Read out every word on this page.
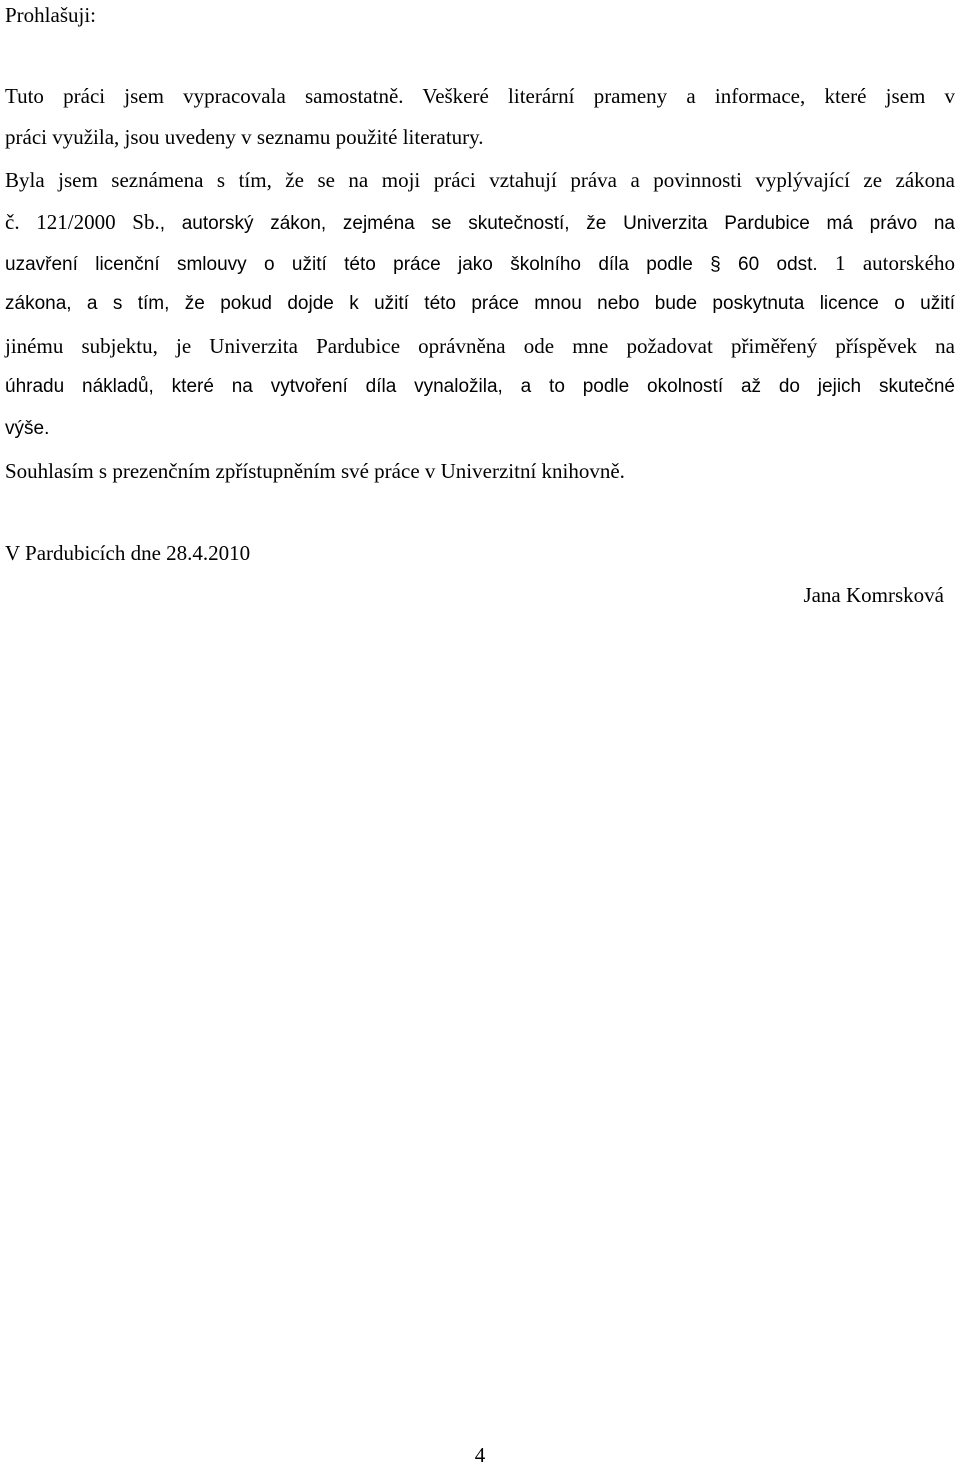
Prohlašuji:
Tuto práci jsem vypracovala samostatně. Veškeré literární prameny a informace, které jsem v
práci využila, jsou uvedeny v seznamu použité literatury.
Byla jsem seznámena s tím, že se na moji práci vztahují práva a povinnosti vyplývající ze zákona
č. 121/2000 Sb., autorský zákon, zejména se skutečností, že Univerzita Pardubice má právo na
uzavření licenční smlouvy o užití této práce jako školního díla podle § 60 odst. 1 autorského
zákona, a s tím, že pokud dojde k užití této práce mnou nebo bude poskytnuta licence o užití
jinému subjektu, je Univerzita Pardubice oprávněna ode mne požadovat přiměřený příspěvek na
úhradu nákladů, které na vytvoření díla vynaložila, a to podle okolností až do jejich skutečné
výše.
Souhlasím s prezenčním zpřístupněním své práce v Univerzitní knihovně.
V Pardubicích dne 28.4.2010
Jana Komrsková
4
